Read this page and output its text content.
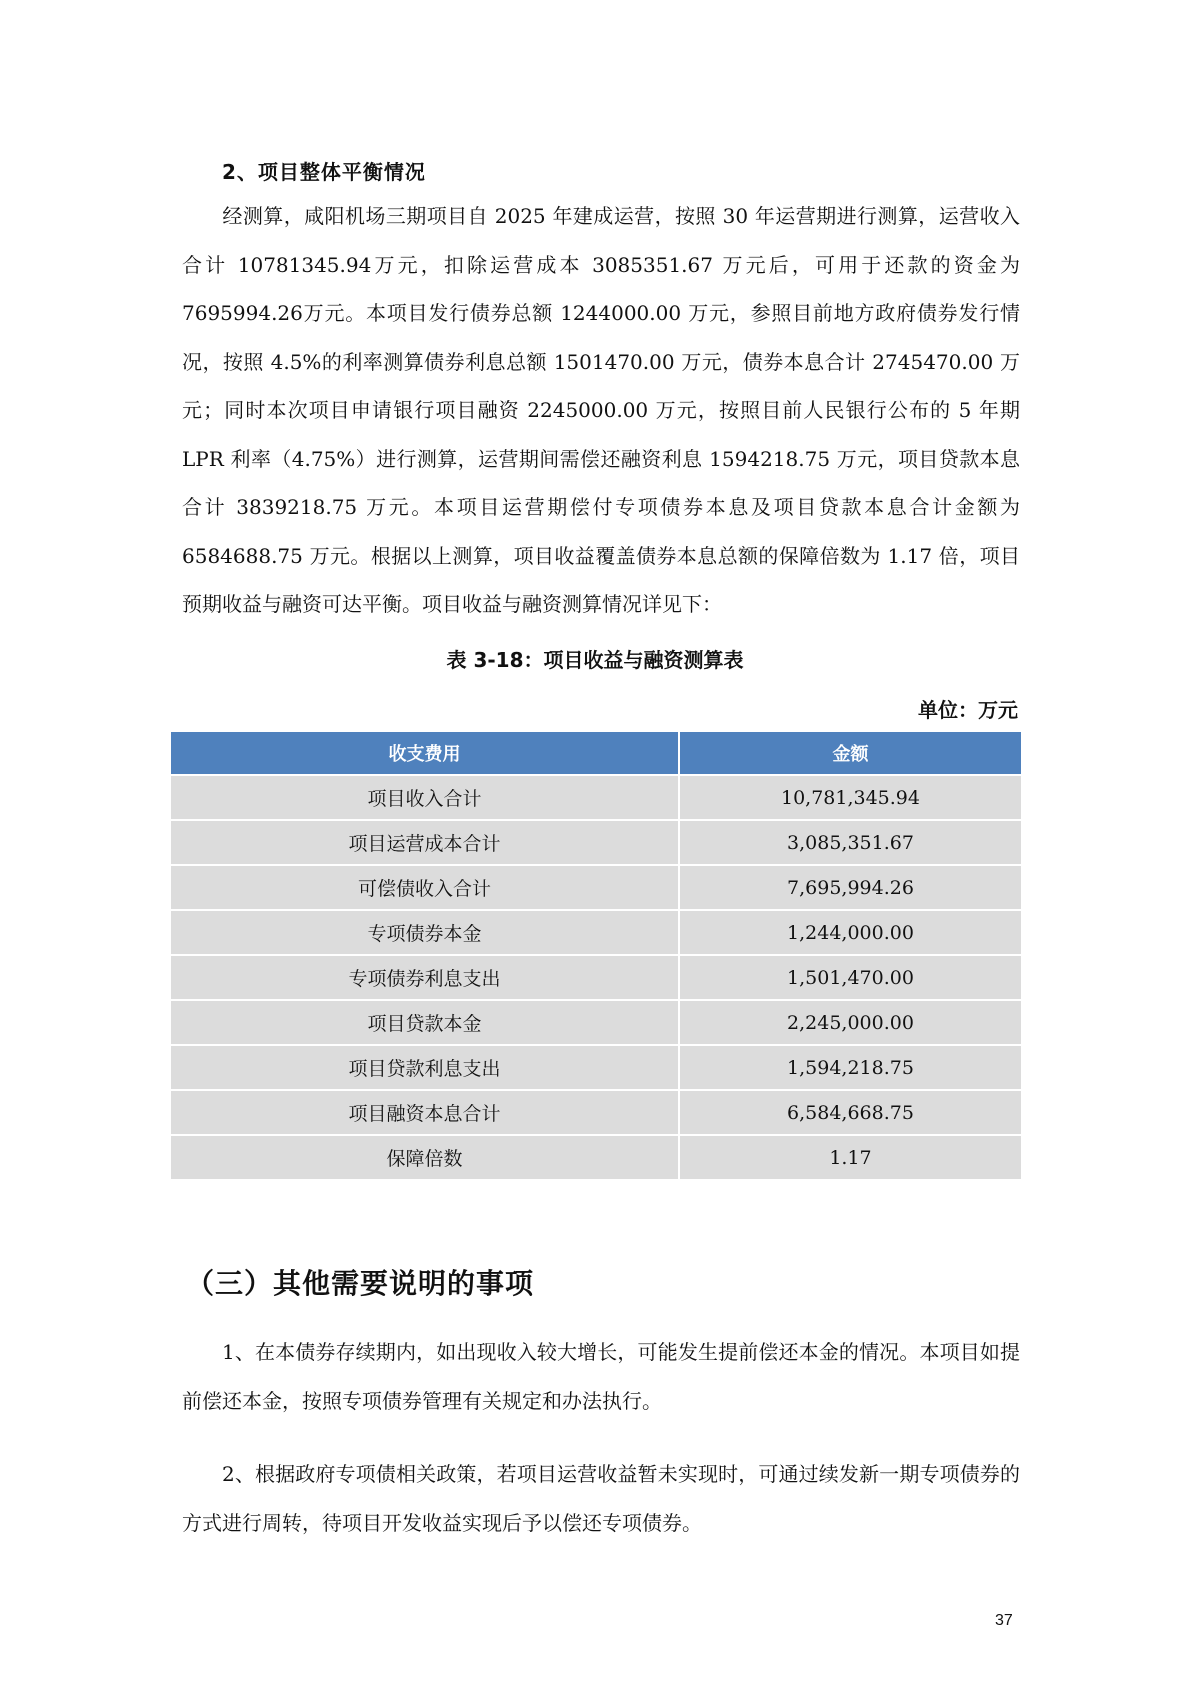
2、项目整体平衡情况

经测算，咸阳机场三期项目自 2025 年建成运营，按照 30 年运营期进行测算，运营收入合计 10781345.94万元，扣除运营成本 3085351.67 万元后，可用于还款的资金为7695994.26万元。本项目发行债券总额 1244000.00 万元，参照目前地方政府债券发行情况，按照 4.5%的利率测算债券利息总额 1501470.00 万元，债券本息合计 2745470.00 万元；同时本次项目申请银行项目融资 2245000.00 万元，按照目前人民银行公布的 5 年期 LPR 利率（4.75%）进行测算，运营期间需偿还融资利息 1594218.75 万元，项目贷款本息合计 3839218.75 万元。本项目运营期偿付专项债券本息及项目贷款本息合计金额为 6584688.75 万元。根据以上测算，项目收益覆盖债券本息总额的保障倍数为 1.17 倍，项目预期收益与融资可达平衡。项目收益与融资测算情况详见下：

表 3-18：项目收益与融资测算表
单位：万元
收支费用	金额
项目收入合计	10,781,345.94
项目运营成本合计	3,085,351.67
可偿债收入合计	7,695,994.26
专项债券本金	1,244,000.00
专项债券利息支出	1,501,470.00
项目贷款本金	2,245,000.00
项目贷款利息支出	1,594,218.75
项目融资本息合计	6,584,668.75
保障倍数	1.17
（三）其他需要说明的事项

1、在本债券存续期内，如出现收入较大增长，可能发生提前偿还本金的情况。本项目如提前偿还本金，按照专项债券管理有关规定和办法执行。

2、根据政府专项债相关政策，若项目运营收益暂未实现时，可通过续发新一期专项债券的方式进行周转，待项目开发收益实现后予以偿还专项债券。

37
